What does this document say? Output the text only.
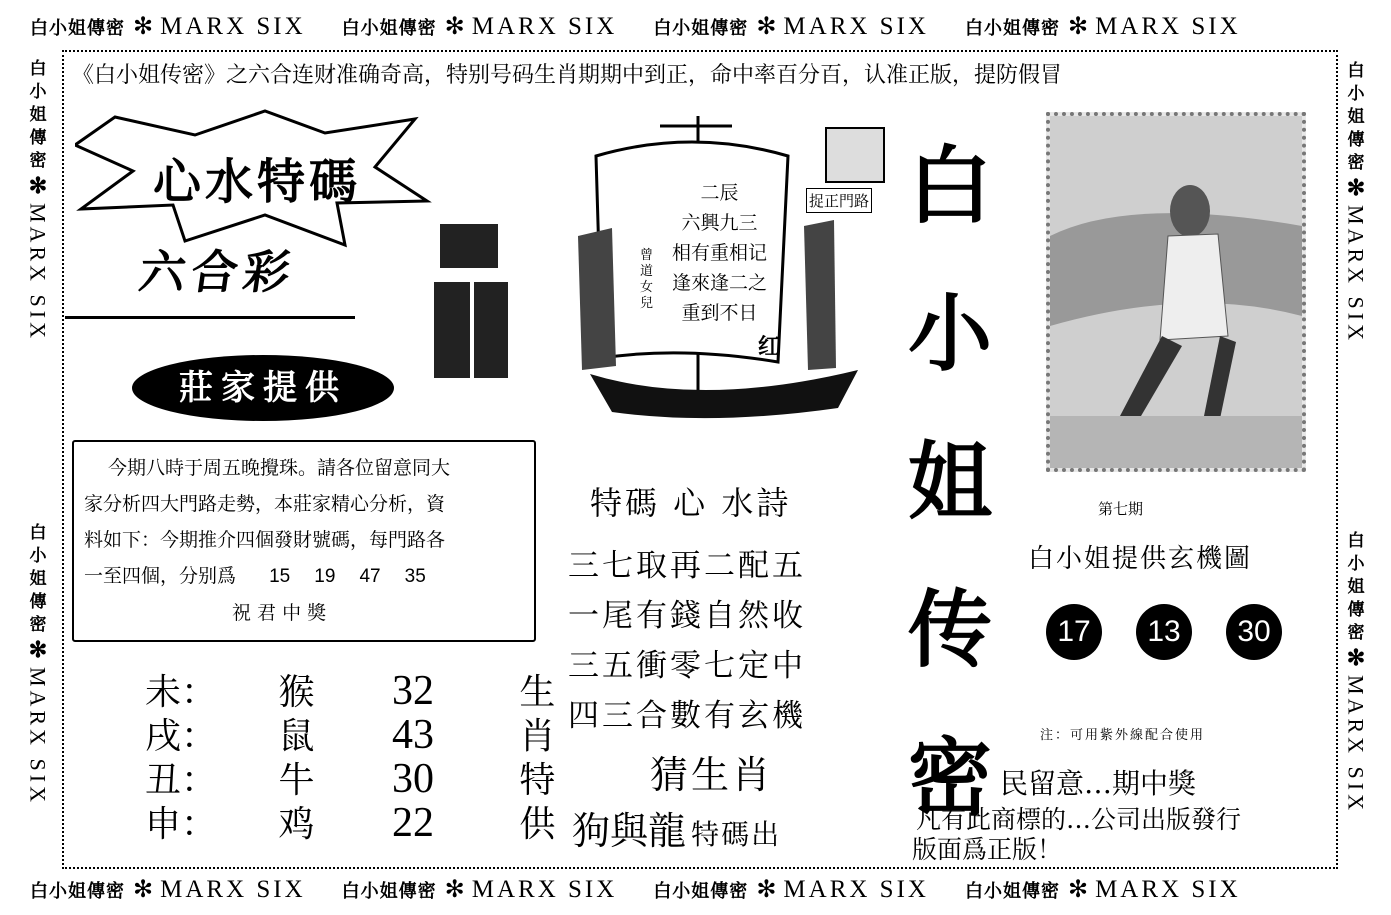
白小姐傳密 ✻ MARX SIX 白小姐傳密 ✻ MARX SIX 白小姐傳密 ✻ MARX SIX 白小姐傳密 ✻ MARX SIX
白小姐傳密 ✻ MARX SIX 白小姐傳密 ✻ MARX SIX 白小姐傳密 ✻ MARX SIX 白小姐傳密 ✻ MARX SIX
白小姐傳密
✻
MARX SIX
白小姐傳密
✻
MARX SIX
白小姐傳密
✻
MARX SIX
白小姐傳密
✻
MARX SIX
《白小姐传密》之六合连财准确奇高，特别号码生肖期期中到正，命中率百分百，认准正版，提防假冒
心水特碼
六合彩
莊家提供
今期八時于周五晚攪珠。請各位留意同大
家分析四大門路走勢，本莊家精心分析，資
料如下：今期推介四個發財號碼，每門路各
一至四個，分别爲 15 19 47 35
祝 君 中 獎
未： 猴 32 生
戌： 鼠 43 肖
丑： 牛 30 特
申： 鸡 22 供
捉正門路
二辰
六興九三
相有重相记
逢來逢二之
重到不日
曾道女兒
红
特碼 心 水詩
三七取再二配五
一尾有錢自然收
三五衝零七定中
四三合數有玄機
猜生肖
狗與龍 特碼出
白
小
姐
传
密
第七期
白小姐提供玄機圖
17	13	30
注：可用紫外線配合使用
民留意…期中獎
凡有此商標的…公司出版發行
版面爲正版！
